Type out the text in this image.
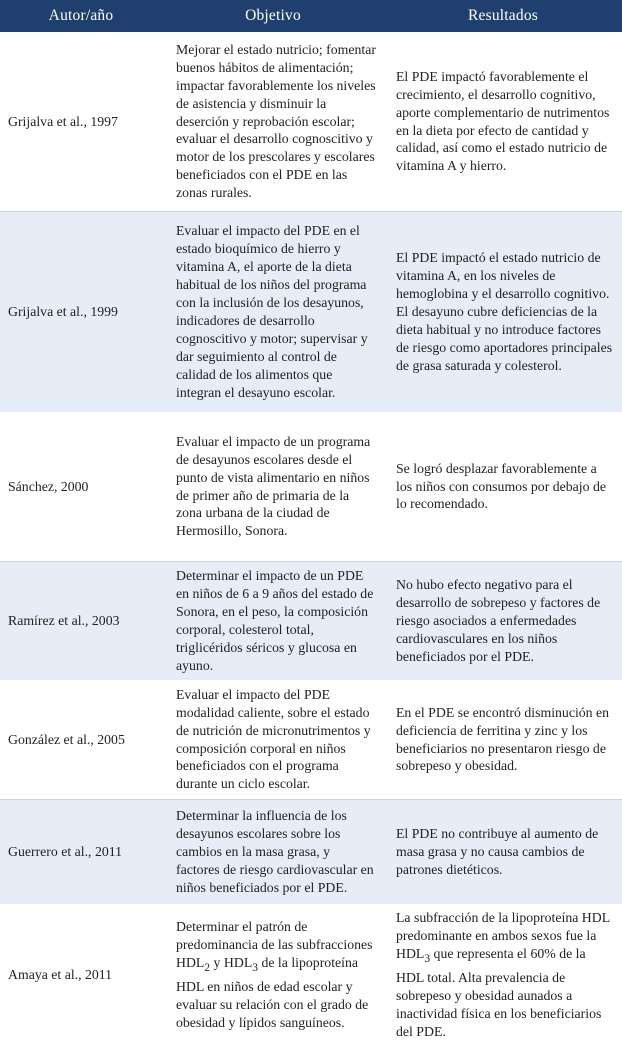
Autor/año	Objetivo	Resultados
Grijalva et al., 1997
Mejorar el estado nutricio; fomentar buenos hábitos de alimentación; impactar favorablemente los niveles de asistencia y disminuir la deserción y reprobación escolar; evaluar el desarrollo cognoscitivo y motor de los prescolares y escolares beneficiados con el PDE en las zonas rurales.
El PDE impactó favorablemente el crecimiento, el desarrollo cognitivo, aporte complementario de nutrimentos en la dieta por efecto de cantidad y calidad, así como el estado nutricio de vitamina A y hierro.
Grijalva et al., 1999
Evaluar el impacto del PDE en el estado bioquímico de hierro y vitamina A, el aporte de la dieta habitual de los niños del programa con la inclusión de los desayunos, indicadores de desarrollo cognoscitivo y motor; supervisar y dar seguimiento al control de calidad de los alimentos que integran el desayuno escolar.
El PDE impactó el estado nutricio de vitamina A, en los niveles de hemoglobina y el desarrollo cognitivo. El desayuno cubre deficiencias de la dieta habitual y no introduce factores de riesgo como aportadores principales de grasa saturada y colesterol.
Sánchez, 2000
Evaluar el impacto de un programa de desayunos escolares desde el punto de vista alimentario en niños de primer año de primaria de la zona urbana de la ciudad de Hermosillo, Sonora.
Se logró desplazar favorablemente a los niños con consumos por debajo de lo recomendado.
Ramírez et al., 2003
Determinar el impacto de un PDE en niños de 6 a 9 años del estado de Sonora, en el peso, la composición corporal, colesterol total, triglicéridos séricos y glucosa en ayuno.
No hubo efecto negativo para el desarrollo de sobrepeso y factores de riesgo asociados a enfermedades cardiovasculares en los niños beneficiados por el PDE.
González et al., 2005
Evaluar el impacto del PDE modalidad caliente, sobre el estado de nutrición de micronutrimentos y composición corporal en niños beneficiados con el programa durante un ciclo escolar.
En el PDE se encontró disminución en deficiencia de ferritina y zinc y los beneficiarios no presentaron riesgo de sobrepeso y obesidad.
Guerrero et al., 2011
Determinar la influencia de los desayunos escolares sobre los cambios en la masa grasa, y factores de riesgo cardiovascular en niños beneficiados por el PDE.
El PDE no contribuye al aumento de masa grasa y no causa cambios de patrones dietéticos.
Amaya et al., 2011
Determinar el patrón de predominancia de las subfracciones $HDL_2$ y $HDL_3$ de la lipoproteína HDL en niños de edad escolar y evaluar su relación con el grado de obesidad y lípidos sanguíneos.
La subfracción de la lipoproteína HDL predominante en ambos sexos fue la $HDL_3$ que representa el 60% de la HDL total. Alta prevalencia de sobrepeso y obesidad aunados a inactividad física en los beneficiarios del PDE.
